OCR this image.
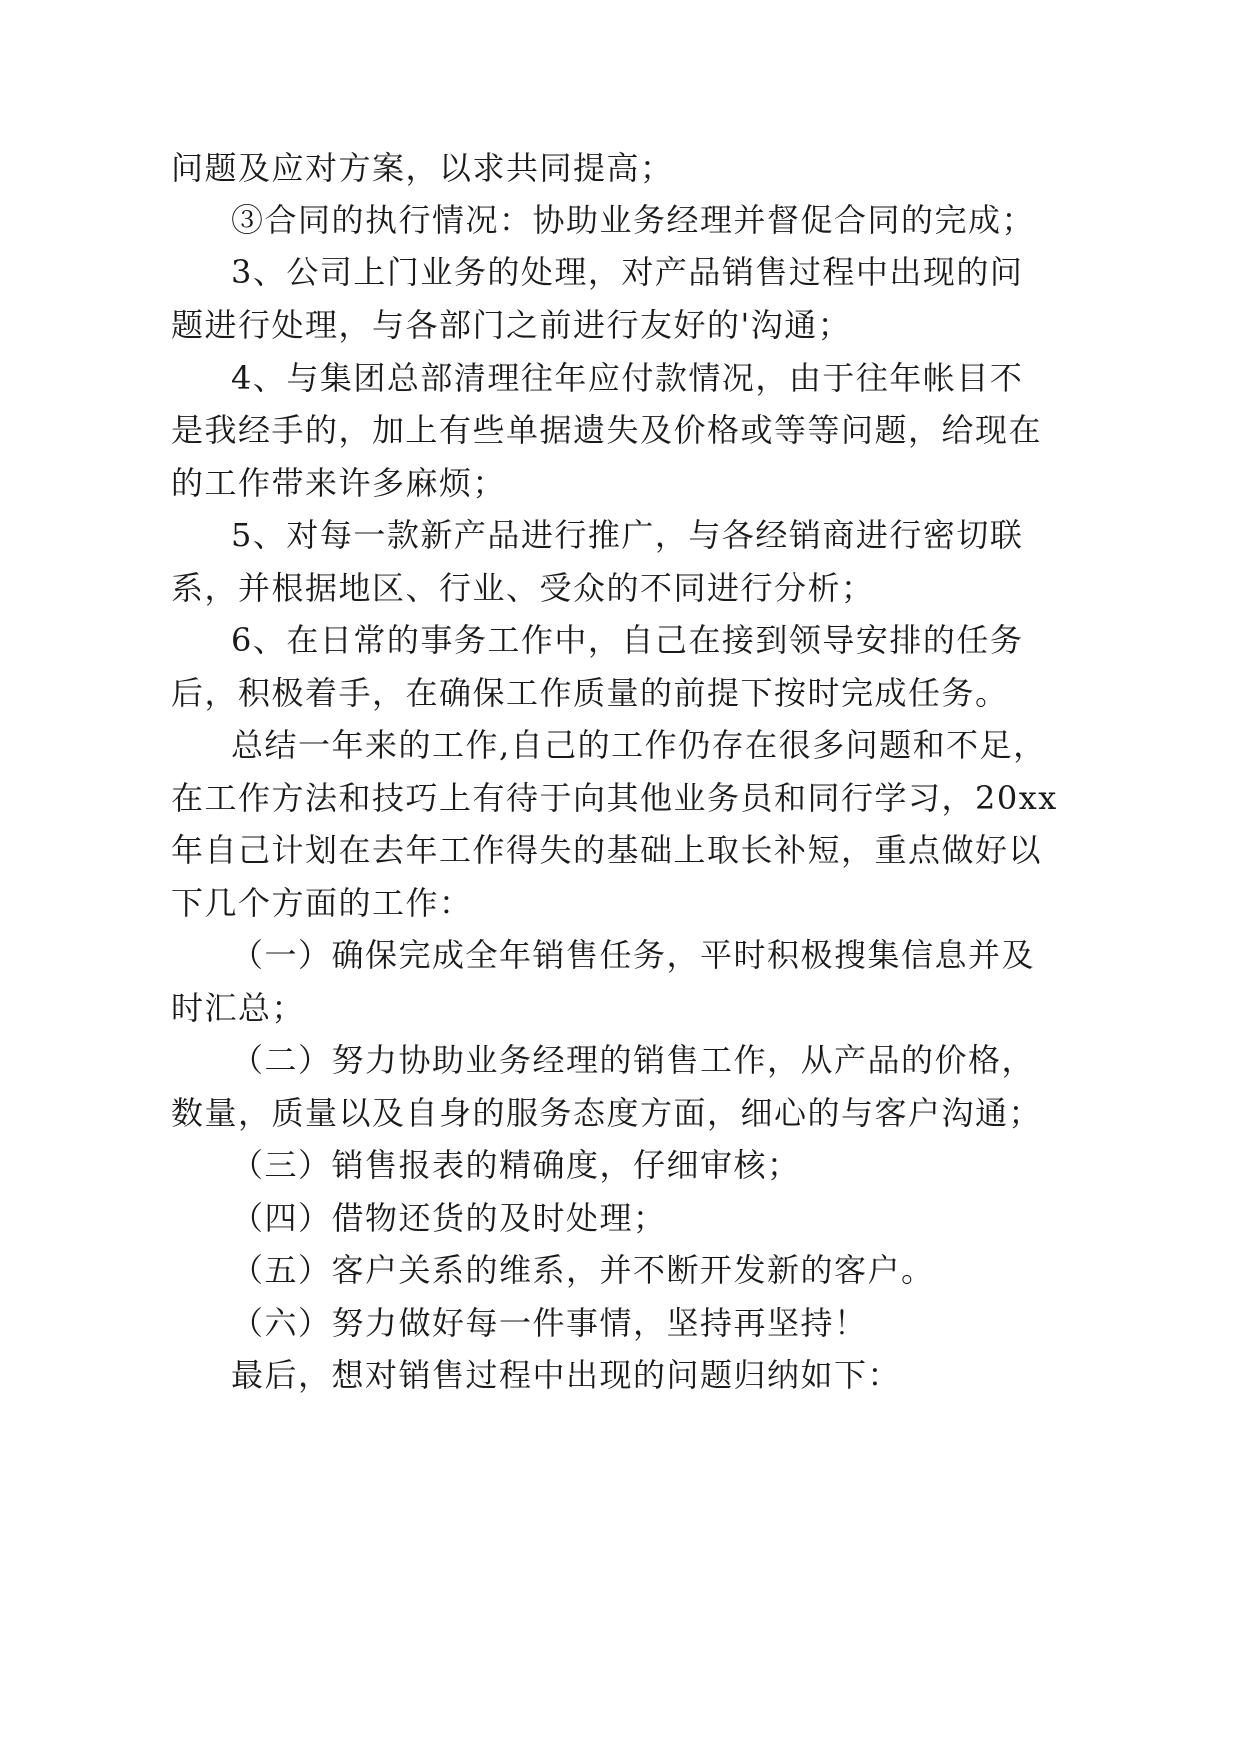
问题及应对方案，以求共同提高；
③合同的执行情况：协助业务经理并督促合同的完成；
3、公司上门业务的处理，对产品销售过程中出现的问
题进行处理，与各部门之前进行友好的'沟通；
4、与集团总部清理往年应付款情况，由于往年帐目不
是我经手的，加上有些单据遗失及价格或等等问题，给现在
的工作带来许多麻烦；
5、对每一款新产品进行推广，与各经销商进行密切联
系，并根据地区、行业、受众的不同进行分析；
6、在日常的事务工作中，自己在接到领导安排的任务
后，积极着手，在确保工作质量的前提下按时完成任务。
总结一年来的工作,自己的工作仍存在很多问题和不足，
在工作方法和技巧上有待于向其他业务员和同行学习，20xx
年自己计划在去年工作得失的基础上取长补短，重点做好以
下几个方面的工作：
（一）确保完成全年销售任务，平时积极搜集信息并及
时汇总；
（二）努力协助业务经理的销售工作，从产品的价格，
数量，质量以及自身的服务态度方面，细心的与客户沟通；
（三）销售报表的精确度，仔细审核；
（四）借物还货的及时处理；
（五）客户关系的维系，并不断开发新的客户。
（六）努力做好每一件事情，坚持再坚持！
最后，想对销售过程中出现的问题归纳如下：
